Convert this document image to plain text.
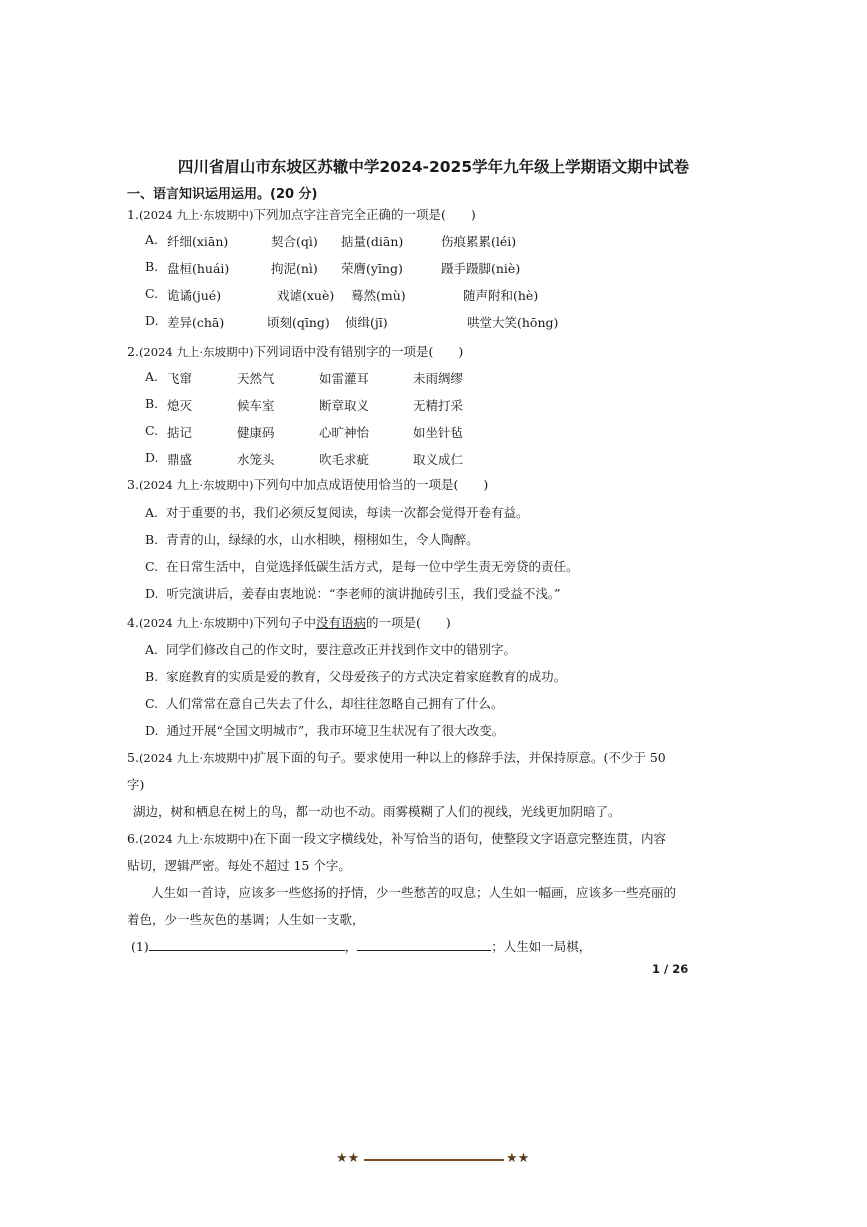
四川省眉山市东坡区苏辙中学2024-2025学年九年级上学期语文期中试卷
一、语言知识运用运用。(20 分)
1.(2024 九上·东坡期中)下列加点字注音完全正确的一项是(　　)
A. 纤细(xiān)	契合(qì) 掂量(diān)	伤痕累累(léi)
B. 盘桓(huái)	拘泥(nì) 荣膺(yīng)	蹑手蹑脚(niè)
C. 诡谲(jué)	戏谑(xuè) 蓦然(mù)	随声附和(hè)
D. 差异(chā)	顷刻(qīng) 侦缉(jī)	哄堂大笑(hōng)
2.(2024 九上·东坡期中)下列词语中没有错别字的一项是(　　)
A. 飞窜	天然气	如雷灌耳	未雨绸缪
B. 熄灭	候车室	断章取义	无精打采
C. 掂记	健康码	心旷神怡	如坐针毡
D. 鼎盛	水笼头	吹毛求疵	取义成仁
3.(2024 九上·东坡期中)下列句中加点成语使用恰当的一项是(　　)
A. 对于重要的书，我们必须反复阅读，每读一次都会觉得开卷有益。
B. 青青的山，绿绿的水，山水相映，栩栩如生，令人陶醉。
C. 在日常生活中，自觉选择低碳生活方式，是每一位中学生责无旁贷的责任。
D. 听完演讲后，姜春由衷地说：“李老师的演讲抛砖引玉，我们受益不浅。”
4.(2024 九上·东坡期中)下列句子中没有语病的一项是(　　)
A. 同学们修改自己的作文时，要注意改正并找到作文中的错别字。
B. 家庭教育的实质是爱的教育，父母爱孩子的方式决定着家庭教育的成功。
C. 人们常常在意自己失去了什么，却往往忽略自己拥有了什么。
D. 通过开展“全国文明城市”，我市环境卫生状况有了很大改变。
5.(2024 九上·东坡期中)扩展下面的句子。要求使用一种以上的修辞手法，并保持原意。(不少于 50
字)
湖边，树和栖息在树上的鸟，都一动也不动。雨雾模糊了人们的视线，光线更加阴暗了。
6.(2024 九上·东坡期中)在下面一段文字横线处，补写恰当的语句，使整段文字语意完整连贯，内容
贴切，逻辑严密。每处不超过 15 个字。
人生如一首诗，应该多一些悠扬的抒情，少一些愁苦的叹息；人生如一幅画，应该多一些亮丽的
着色，少一些灰色的基调；人生如一支歌，
(1)	，	；人生如一局棋，
1 / 26
★★	★★
